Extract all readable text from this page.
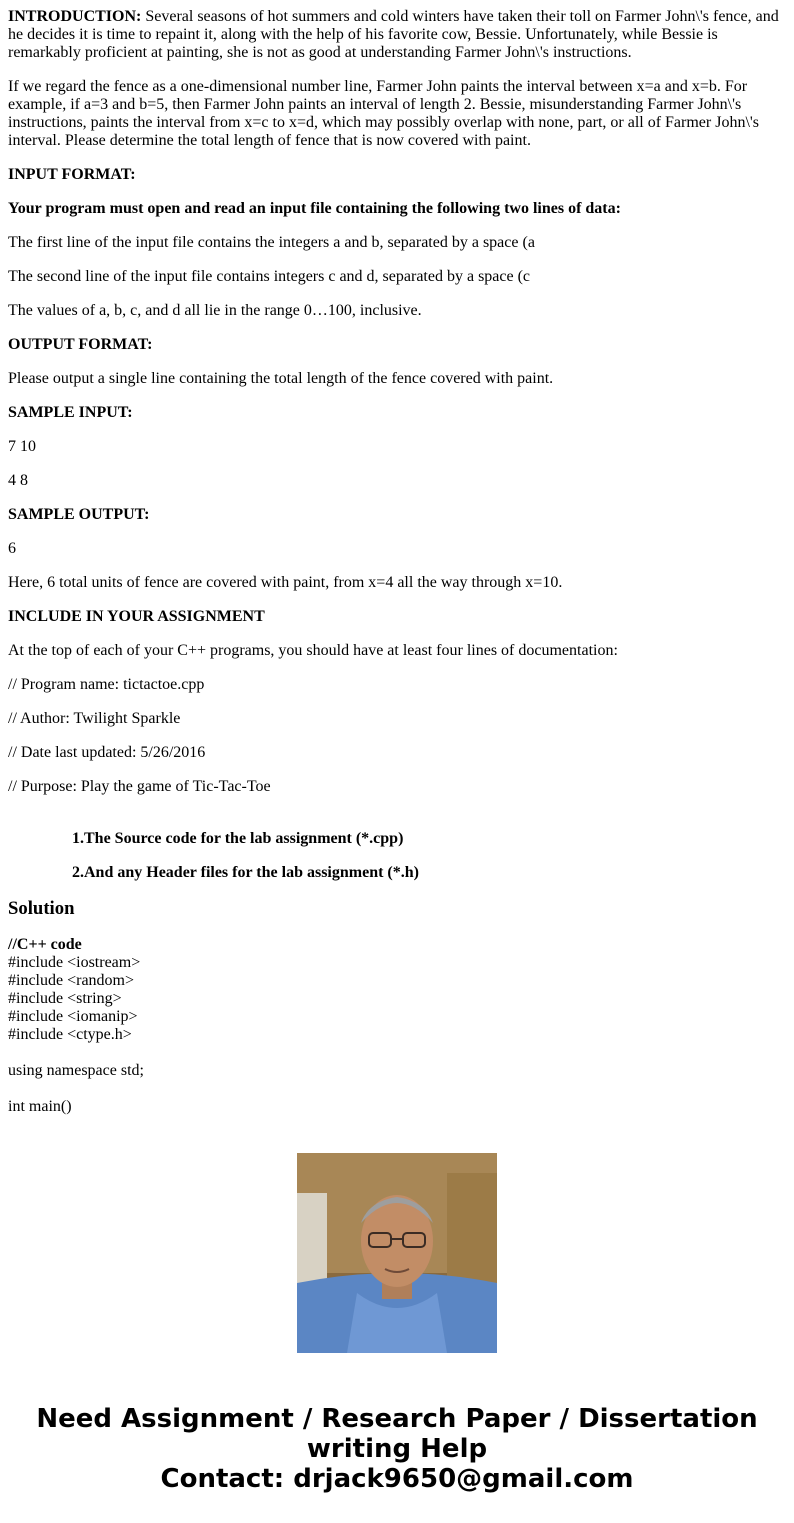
INTRODUCTION: Several seasons of hot summers and cold winters have taken their toll on Farmer John\'s fence, and he decides it is time to repaint it, along with the help of his favorite cow, Bessie. Unfortunately, while Bessie is remarkably proficient at painting, she is not as good at understanding Farmer John\'s instructions.

If we regard the fence as a one-dimensional number line, Farmer John paints the interval between x=a and x=b. For example, if a=3 and b=5, then Farmer John paints an interval of length 2. Bessie, misunderstanding Farmer John\'s instructions, paints the interval from x=c to x=d, which may possibly overlap with none, part, or all of Farmer John\'s interval. Please determine the total length of fence that is now covered with paint.

INPUT FORMAT:

Your program must open and read an input file containing the following two lines of data:

The first line of the input file contains the integers a and b, separated by a space (a

The second line of the input file contains integers c and d, separated by a space (c

The values of a, b, c, and d all lie in the range 0…100, inclusive.

OUTPUT FORMAT:

Please output a single line containing the total length of the fence covered with paint.

SAMPLE INPUT:

7 10

4 8

SAMPLE OUTPUT:

6

Here, 6 total units of fence are covered with paint, from x=4 all the way through x=10.

INCLUDE IN YOUR ASSIGNMENT

At the top of each of your C++ programs, you should have at least four lines of documentation:

// Program name: tictactoe.cpp

// Author: Twilight Sparkle

// Date last updated: 5/26/2016

// Purpose: Play the game of Tic-Tac-Toe

1.The Source code for the lab assignment (*.cpp)

2.And any Header files for the lab assignment (*.h)

Solution
//C++ code
#include <iostream>
#include <random>
#include <string>
#include <iomanip>
#include <ctype.h>

using namespace std;

int main()
Need Assignment / Research Paper / Dissertation
writing Help
Contact: drjack9650@gmail.com
